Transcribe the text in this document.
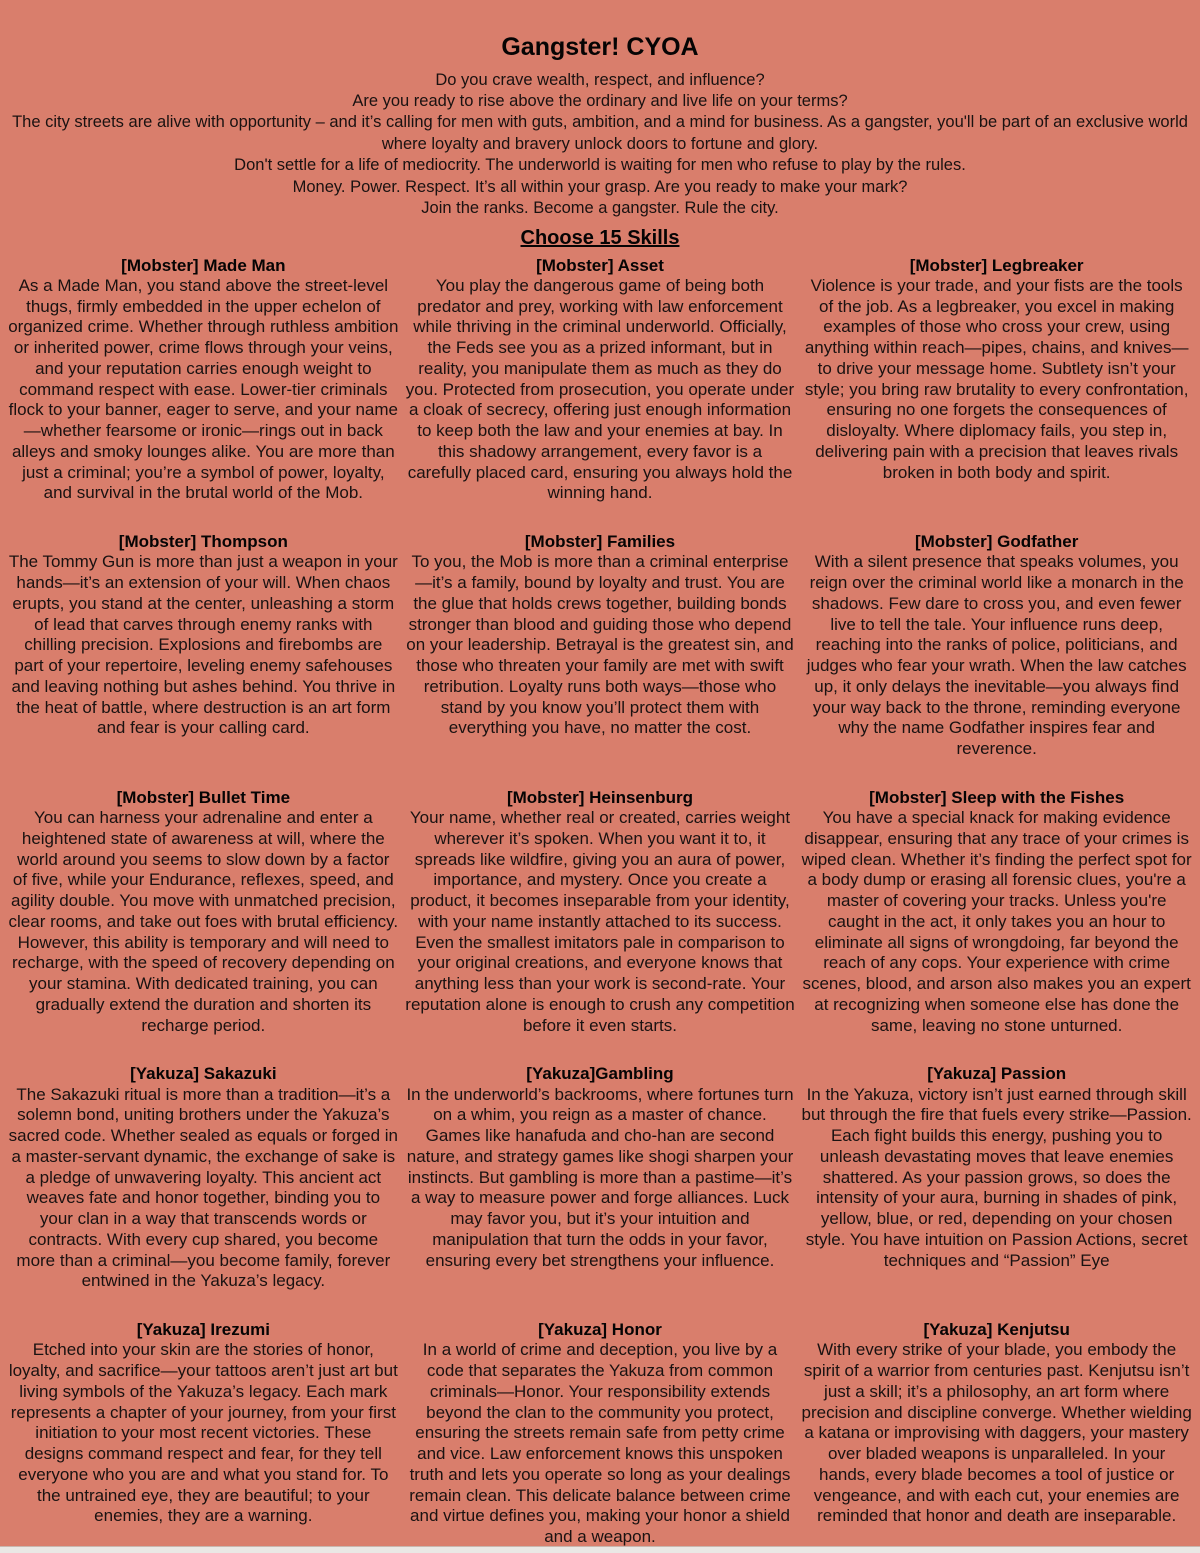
Gangster! CYOA

Do you crave wealth, respect, and influence?

Are you ready to rise above the ordinary and live life on your terms?

The city streets are alive with opportunity – and it’s calling for men with guts, ambition, and a mind for business. As a gangster, you'll be part of an exclusive world where loyalty and bravery unlock doors to fortune and glory.

Don't settle for a life of mediocrity. The underworld is waiting for men who refuse to play by the rules.

Money. Power. Respect. It’s all within your grasp. Are you ready to make your mark?

Join the ranks. Become a gangster. Rule the city.

Choose 15 Skills
[Mobster] Made Man

As a Made Man, you stand above the street-level thugs, firmly embedded in the upper echelon of organized crime. Whether through ruthless ambition or inherited power, crime flows through your veins, and your reputation carries enough weight to command respect with ease. Lower-tier criminals flock to your banner, eager to serve, and your name—whether fearsome or ironic—rings out in back alleys and smoky lounges alike. You are more than just a criminal; you’re a symbol of power, loyalty, and survival in the brutal world of the Mob.

[Mobster] Asset

You play the dangerous game of being both predator and prey, working with law enforcement while thriving in the criminal underworld. Officially, the Feds see you as a prized informant, but in reality, you manipulate them as much as they do you. Protected from prosecution, you operate under a cloak of secrecy, offering just enough information to keep both the law and your enemies at bay. In this shadowy arrangement, every favor is a carefully placed card, ensuring you always hold the winning hand.

[Mobster] Legbreaker

Violence is your trade, and your fists are the tools of the job. As a legbreaker, you excel in making examples of those who cross your crew, using anything within reach—pipes, chains, and knives—to drive your message home. Subtlety isn’t your style; you bring raw brutality to every confrontation, ensuring no one forgets the consequences of disloyalty. Where diplomacy fails, you step in, delivering pain with a precision that leaves rivals broken in both body and spirit.

[Mobster] Thompson

The Tommy Gun is more than just a weapon in your hands—it’s an extension of your will. When chaos erupts, you stand at the center, unleashing a storm of lead that carves through enemy ranks with chilling precision. Explosions and firebombs are part of your repertoire, leveling enemy safehouses and leaving nothing but ashes behind. You thrive in the heat of battle, where destruction is an art form and fear is your calling card.

[Mobster] Families

To you, the Mob is more than a criminal enterprise—it’s a family, bound by loyalty and trust. You are the glue that holds crews together, building bonds stronger than blood and guiding those who depend on your leadership. Betrayal is the greatest sin, and those who threaten your family are met with swift retribution. Loyalty runs both ways—those who stand by you know you’ll protect them with everything you have, no matter the cost.

[Mobster] Godfather

With a silent presence that speaks volumes, you reign over the criminal world like a monarch in the shadows. Few dare to cross you, and even fewer live to tell the tale. Your influence runs deep, reaching into the ranks of police, politicians, and judges who fear your wrath. When the law catches up, it only delays the inevitable—you always find your way back to the throne, reminding everyone why the name Godfather inspires fear and reverence.

[Mobster] Bullet Time

You can harness your adrenaline and enter a heightened state of awareness at will, where the world around you seems to slow down by a factor of five, while your Endurance, reflexes, speed, and agility double. You move with unmatched precision, clear rooms, and take out foes with brutal efficiency. However, this ability is temporary and will need to recharge, with the speed of recovery depending on your stamina. With dedicated training, you can gradually extend the duration and shorten its recharge period.

[Mobster] Heinsenburg

Your name, whether real or created, carries weight wherever it’s spoken. When you want it to, it spreads like wildfire, giving you an aura of power, importance, and mystery. Once you create a product, it becomes inseparable from your identity, with your name instantly attached to its success. Even the smallest imitators pale in comparison to your original creations, and everyone knows that anything less than your work is second-rate. Your reputation alone is enough to crush any competition before it even starts.

[Mobster] Sleep with the Fishes

You have a special knack for making evidence disappear, ensuring that any trace of your crimes is wiped clean. Whether it’s finding the perfect spot for a body dump or erasing all forensic clues, you're a master of covering your tracks. Unless you're caught in the act, it only takes you an hour to eliminate all signs of wrongdoing, far beyond the reach of any cops. Your experience with crime scenes, blood, and arson also makes you an expert at recognizing when someone else has done the same, leaving no stone unturned.

[Yakuza] Sakazuki

The Sakazuki ritual is more than a tradition—it’s a solemn bond, uniting brothers under the Yakuza’s sacred code. Whether sealed as equals or forged in a master-servant dynamic, the exchange of sake is a pledge of unwavering loyalty. This ancient act weaves fate and honor together, binding you to your clan in a way that transcends words or contracts. With every cup shared, you become more than a criminal—you become family, forever entwined in the Yakuza’s legacy.

[Yakuza]Gambling

In the underworld’s backrooms, where fortunes turn on a whim, you reign as a master of chance. Games like hanafuda and cho-han are second nature, and strategy games like shogi sharpen your instincts. But gambling is more than a pastime—it’s a way to measure power and forge alliances. Luck may favor you, but it’s your intuition and manipulation that turn the odds in your favor, ensuring every bet strengthens your influence.

[Yakuza] Passion

In the Yakuza, victory isn’t just earned through skill but through the fire that fuels every strike—Passion. Each fight builds this energy, pushing you to unleash devastating moves that leave enemies shattered. As your passion grows, so does the intensity of your aura, burning in shades of pink, yellow, blue, or red, depending on your chosen style. You have intuition on Passion Actions, secret techniques and “Passion” Eye

[Yakuza] Irezumi

Etched into your skin are the stories of honor, loyalty, and sacrifice—your tattoos aren’t just art but living symbols of the Yakuza’s legacy. Each mark represents a chapter of your journey, from your first initiation to your most recent victories. These designs command respect and fear, for they tell everyone who you are and what you stand for. To the untrained eye, they are beautiful; to your enemies, they are a warning.

[Yakuza] Honor

In a world of crime and deception, you live by a code that separates the Yakuza from common criminals—Honor. Your responsibility extends beyond the clan to the community you protect, ensuring the streets remain safe from petty crime and vice. Law enforcement knows this unspoken truth and lets you operate so long as your dealings remain clean. This delicate balance between crime and virtue defines you, making your honor a shield and a weapon.

[Yakuza] Kenjutsu

With every strike of your blade, you embody the spirit of a warrior from centuries past. Kenjutsu isn’t just a skill; it’s a philosophy, an art form where precision and discipline converge. Whether wielding a katana or improvising with daggers, your mastery over bladed weapons is unparalleled. In your hands, every blade becomes a tool of justice or vengeance, and with each cut, your enemies are reminded that honor and death are inseparable.
